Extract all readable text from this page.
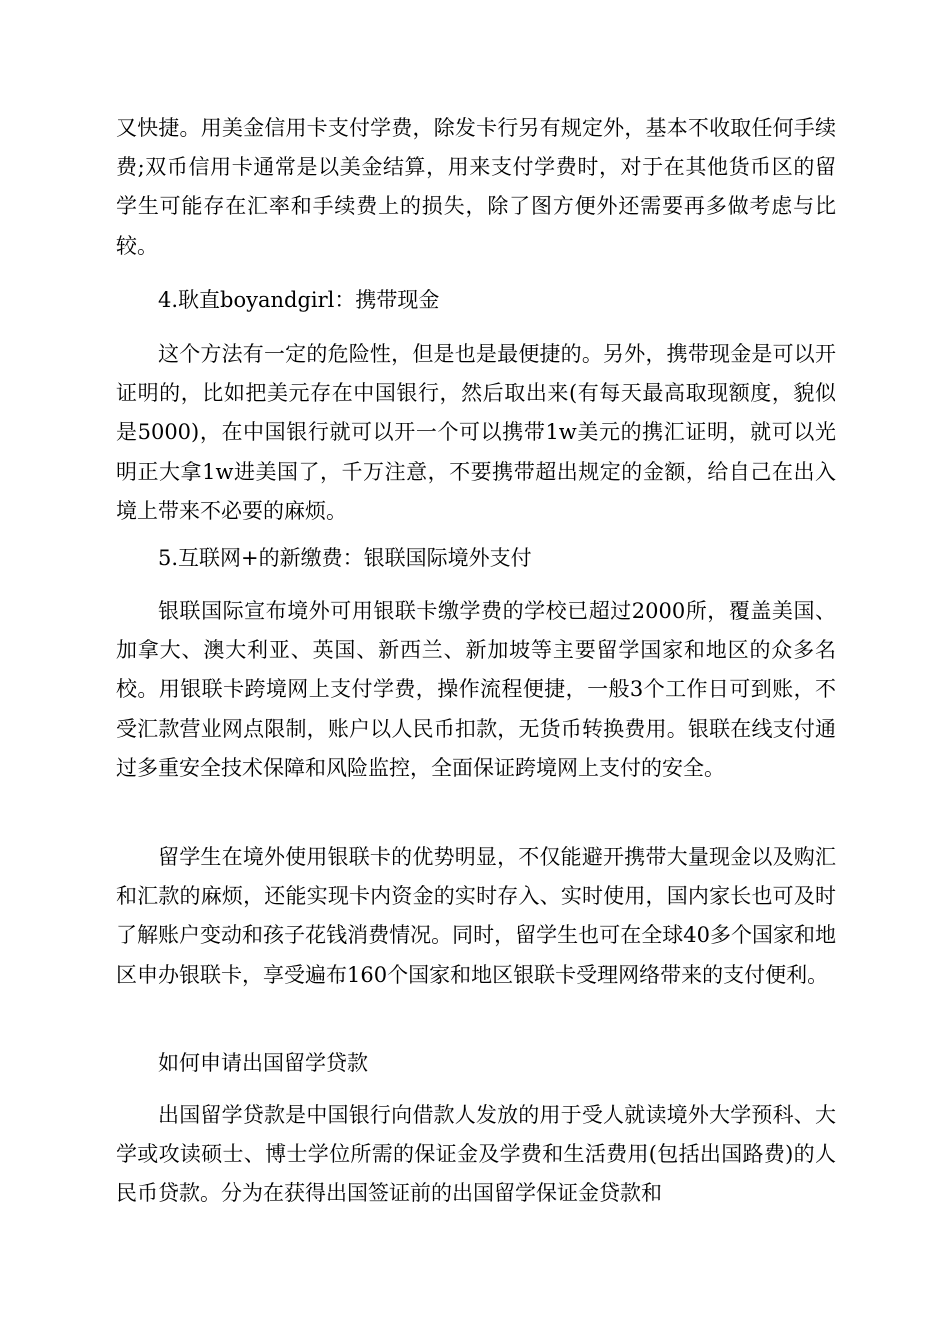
又快捷。用美金信用卡支付学费，除发卡行另有规定外，基本不收取任何手续费;双币信用卡通常是以美金结算，用来支付学费时，对于在其他货币区的留学生可能存在汇率和手续费上的损失，除了图方便外还需要再多做考虑与比较。

4.耿直boyandgirl：携带现金

这个方法有一定的危险性，但是也是最便捷的。另外，携带现金是可以开证明的，比如把美元存在中国银行，然后取出来(有每天最高取现额度，貌似是5000)，在中国银行就可以开一个可以携带1w美元的携汇证明，就可以光明正大拿1w进美国了，千万注意，不要携带超出规定的金额，给自己在出入境上带来不必要的麻烦。

5.互联网+的新缴费：银联国际境外支付

银联国际宣布境外可用银联卡缴学费的学校已超过2000所，覆盖美国、加拿大、澳大利亚、英国、新西兰、新加坡等主要留学国家和地区的众多名校。用银联卡跨境网上支付学费，操作流程便捷，一般3个工作日可到账，不受汇款营业网点限制，账户以人民币扣款，无货币转换费用。银联在线支付通过多重安全技术保障和风险监控，全面保证跨境网上支付的安全。

留学生在境外使用银联卡的优势明显，不仅能避开携带大量现金以及购汇和汇款的麻烦，还能实现卡内资金的实时存入、实时使用，国内家长也可及时了解账户变动和孩子花钱消费情况。同时，留学生也可在全球40多个国家和地区申办银联卡，享受遍布160个国家和地区银联卡受理网络带来的支付便利。

如何申请出国留学贷款

出国留学贷款是中国银行向借款人发放的用于受人就读境外大学预科、大学或攻读硕士、博士学位所需的保证金及学费和生活费用(包括出国路费)的人民币贷款。分为在获得出国签证前的出国留学保证金贷款和
